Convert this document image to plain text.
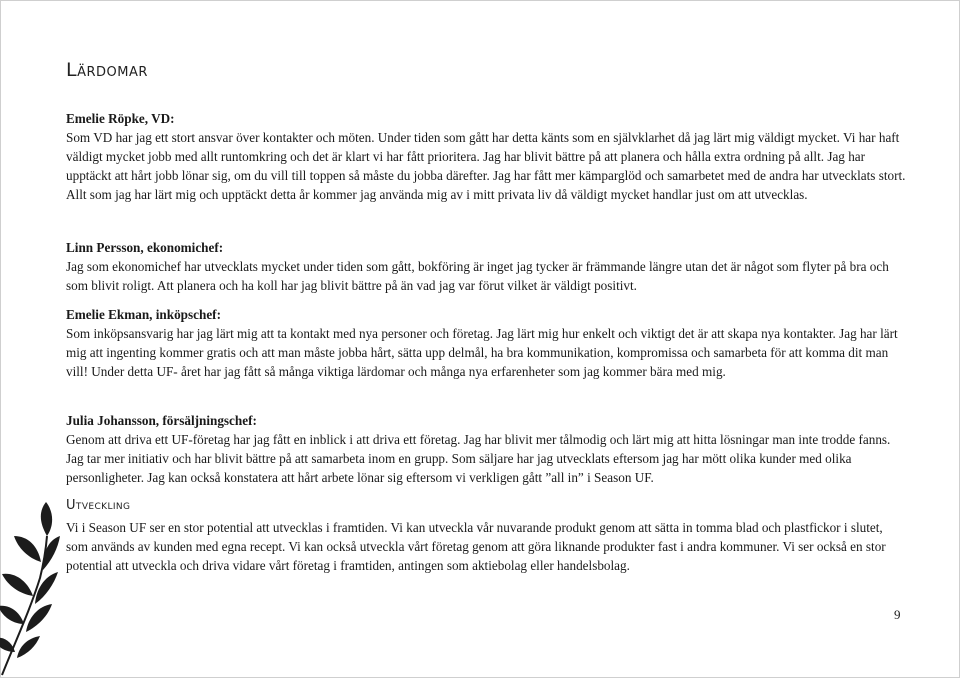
Lärdomar
Emelie Röpke, VD:
Som VD har jag ett stort ansvar över kontakter och möten. Under tiden som gått har detta känts som en självklarhet då jag lärt mig väldigt mycket. Vi har haft väldigt mycket jobb med allt runtomkring och det är klart vi har fått prioritera. Jag har blivit bättre på att planera och hålla extra ordning på allt. Jag har upptäckt att hårt jobb lönar sig, om du vill till toppen så måste du jobba därefter. Jag har fått mer kämparglöd och samarbetet med de andra har utvecklats stort. Allt som jag har lärt mig och upptäckt detta år kommer jag använda mig av i mitt privata liv då väldigt mycket handlar just om att utvecklas.
Linn Persson, ekonomichef:
Jag som ekonomichef har utvecklats mycket under tiden som gått, bokföring är inget jag tycker är främmande längre utan det är något som flyter på bra och som blivit roligt. Att planera och ha koll har jag blivit bättre på än vad jag var förut vilket är väldigt positivt.
Emelie Ekman, inköpschef:
Som inköpsansvarig har jag lärt mig att ta kontakt med nya personer och företag. Jag lärt mig hur enkelt och viktigt det är att skapa nya kontakter. Jag har lärt mig att ingenting kommer gratis och att man måste jobba hårt, sätta upp delmål, ha bra kommunikation, kompromissa och samarbeta för att komma dit man vill! Under detta UF- året har jag fått så många viktiga lärdomar och många nya erfarenheter som jag kommer bära med mig.
Julia Johansson, försäljningschef:
Genom att driva ett UF-företag har jag fått en inblick i att driva ett företag. Jag har blivit mer tålmodig och lärt mig att hitta lösningar man inte trodde fanns. Jag tar mer initiativ och har blivit bättre på att samarbeta inom en grupp. Som säljare har jag utvecklats eftersom jag har mött olika kunder med olika personligheter. Jag kan också konstatera att hårt arbete lönar sig eftersom vi verkligen gått ”all in” i Season UF.
Utveckling
Vi i Season UF ser en stor potential att utvecklas i framtiden. Vi kan utveckla vår nuvarande produkt genom att sätta in tomma blad och plastfickor i slutet, som används av kunden med egna recept. Vi kan också utveckla vårt företag genom att göra liknande produkter fast i andra kommuner. Vi ser också en stor potential att utveckla och driva vidare vårt företag i framtiden, antingen som aktiebolag eller handelsbolag.
9
